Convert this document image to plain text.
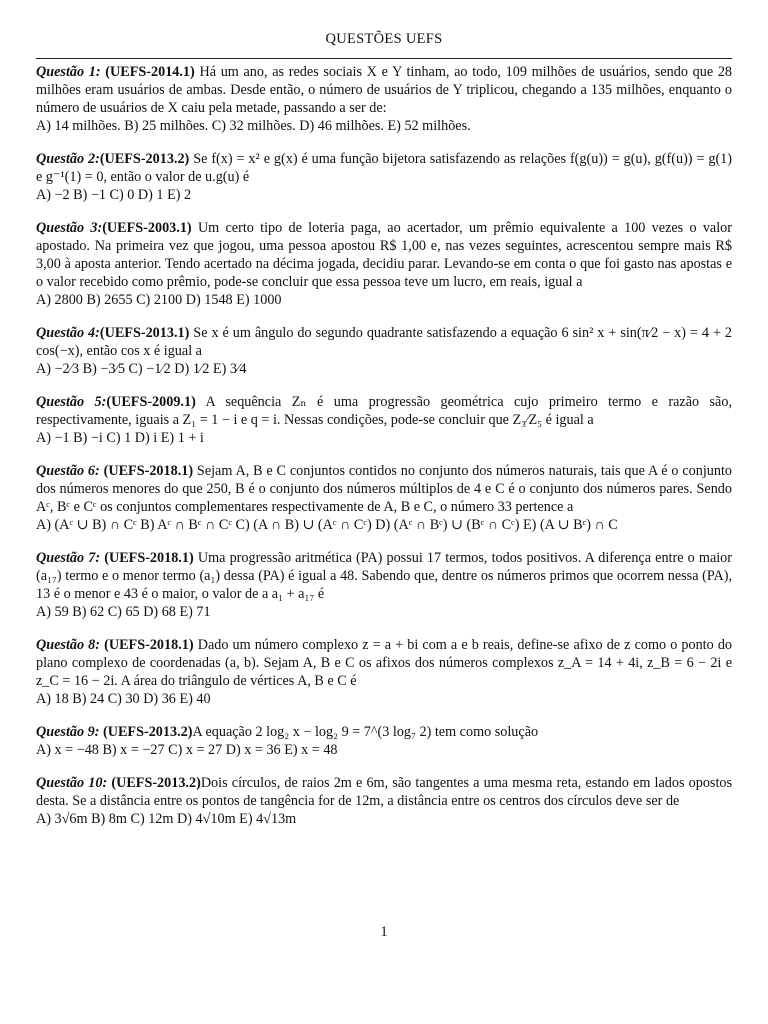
QUESTÕES UEFS
Questão 1: (UEFS-2014.1) Há um ano, as redes sociais X e Y tinham, ao todo, 109 milhões de usuários, sendo que 28 milhões eram usuários de ambas. Desde então, o número de usuários de Y triplicou, chegando a 135 milhões, enquanto o número de usuários de X caiu pela metade, passando a ser de:
A) 14 milhões. B) 25 milhões. C) 32 milhões. D) 46 milhões. E) 52 milhões.
Questão 2:(UEFS-2013.2) Se f(x) = x² e g(x) é uma função bijetora satisfazendo as relações f(g(u)) = g(u), g(f(u)) = g(1) e g⁻¹(1) = 0, então o valor de u.g(u) é
A) −2 B) −1 C) 0 D) 1 E) 2
Questão 3:(UEFS-2003.1) Um certo tipo de loteria paga, ao acertador, um prêmio equivalente a 100 vezes o valor apostado. Na primeira vez que jogou, uma pessoa apostou R$ 1,00 e, nas vezes seguintes, acrescentou sempre mais R$ 3,00 à aposta anterior. Tendo acertado na décima jogada, decidiu parar. Levando-se em conta o que foi gasto nas apostas e o valor recebido como prêmio, pode-se concluir que essa pessoa teve um lucro, em reais, igual a
A) 2800 B) 2655 C) 2100 D) 1548 E) 1000
Questão 4:(UEFS-2013.1) Se x é um ângulo do segundo quadrante satisfazendo a equação 6 sin² x + sin(π⁄2 − x) = 4 + 2 cos(−x), então cos x é igual a
A) −2⁄3 B) −3⁄5 C) −1⁄2 D) 1⁄2 E) 3⁄4
Questão 5:(UEFS-2009.1) A sequência Zₙ é uma progressão geométrica cujo primeiro termo e razão são, respectivamente, iguais a Z₁ = 1 − i e q = i. Nessas condições, pode-se concluir que Z₃⁄Z₅ é igual a
A) −1 B) −i C) 1 D) i E) 1 + i
Questão 6: (UEFS-2018.1) Sejam A, B e C conjuntos contidos no conjunto dos números naturais, tais que A é o conjunto dos números menores do que 250, B é o conjunto dos números múltiplos de 4 e C é o conjunto dos números pares. Sendo Aᶜ, Bᶜ e Cᶜ os conjuntos complementares respectivamente de A, B e C, o número 33 pertence a
A) (Aᶜ ∪ B) ∩ Cᶜ B) Aᶜ ∩ Bᶜ ∩ Cᶜ C) (A ∩ B) ∪ (Aᶜ ∩ Cᶜ) D) (Aᶜ ∩ Bᶜ) ∪ (Bᶜ ∩ Cᶜ) E) (A ∪ Bᶜ) ∩ C
Questão 7: (UEFS-2018.1) Uma progressão aritmética (PA) possui 17 termos, todos positivos. A diferença entre o maior (a₁₇) termo e o menor termo (a₁) dessa (PA) é igual a 48. Sabendo que, dentre os números primos que ocorrem nessa (PA), 13 é o menor e 43 é o maior, o valor de a a₁ + a₁₇ é
A) 59 B) 62 C) 65 D) 68 E) 71
Questão 8: (UEFS-2018.1) Dado um número complexo z = a + bi com a e b reais, define-se afixo de z como o ponto do plano complexo de coordenadas (a, b). Sejam A, B e C os afixos dos números complexos z_A = 14 + 4i, z_B = 6 − 2i e z_C = 16 − 2i. A área do triângulo de vértices A, B e C é
A) 18 B) 24 C) 30 D) 36 E) 40
Questão 9: (UEFS-2013.2)A equação 2 log₂ x − log₂ 9 = 7^(3 log₇ 2) tem como solução
A) x = −48 B) x = −27 C) x = 27 D) x = 36 E) x = 48
Questão 10: (UEFS-2013.2)Dois círculos, de raios 2m e 6m, são tangentes a uma mesma reta, estando em lados opostos desta. Se a distância entre os pontos de tangência for de 12m, a distância entre os centros dos círculos deve ser de
A) 3√6m B) 8m C) 12m D) 4√10m E) 4√13m
1
